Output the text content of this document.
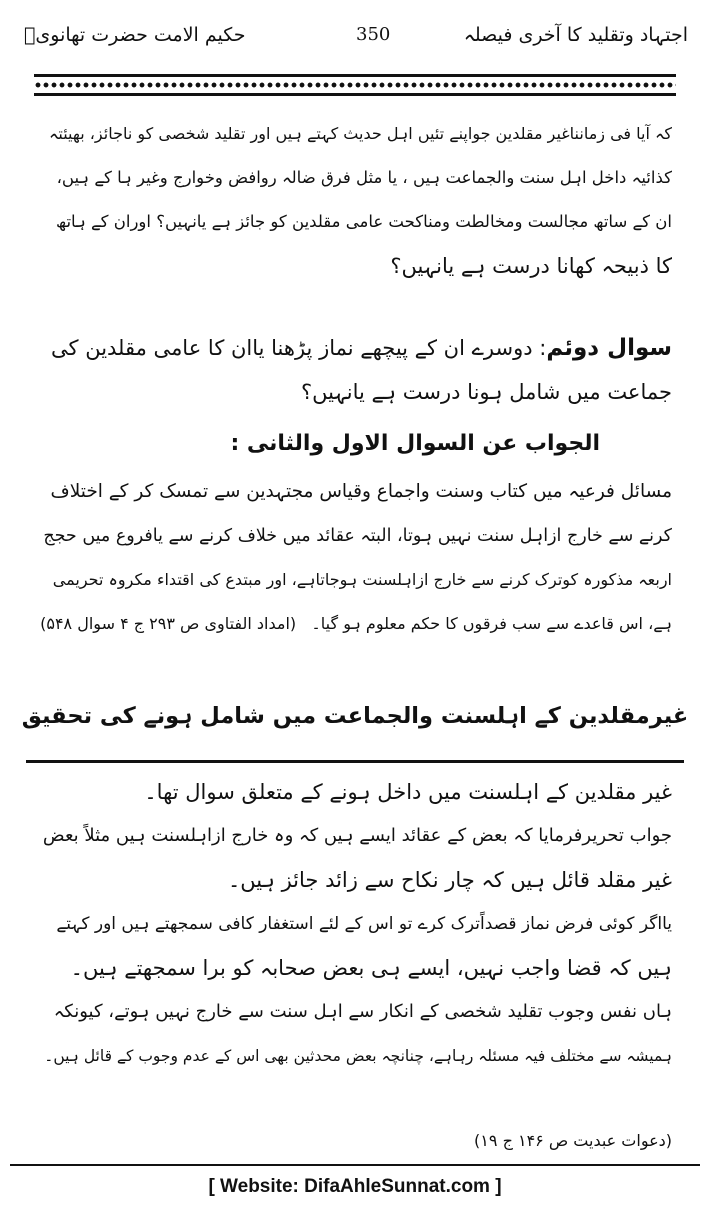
اجتہاد وتقلید کا آخری فیصلہ
350
حکیم الامت حضرت تھانویؒ
کہ آیا فی زمانناغیر مقلدین جواپنے تئیں اہل حدیث کہتے ہیں اور تقلید شخصی کو ناجائز، بھیئتہ
کذائیہ داخل اہل سنت والجماعت ہیں ، یا مثل فرق ضالہ روافض وخوارج وغیر ہا کے ہیں،
ان کے ساتھ مجالست ومخالطت ومناکحت عامی مقلدین کو جائز ہے یانہیں؟ اوران کے ہاتھ
کا ذبیحہ کھانا درست ہے یانہیں؟
سوال دوئم: دوسرے ان کے پیچھے نماز پڑھنا یاان کا عامی مقلدین کی
جماعت میں شامل ہونا درست ہے یانہیں؟
الجواب عن السوال الاول والثانی :
مسائل فرعیہ میں کتاب وسنت واجماع وقیاس مجتہدین سے تمسک کر کے اختلاف
کرنے سے خارج ازاہل سنت نہیں ہوتا، البتہ عقائد میں خلاف کرنے سے یافروع میں حجج
اربعہ مذکورہ کوترک کرنے سے خارج ازاہلسنت ہوجاتاہے، اور مبتدع کی اقتداء مکروہ تحریمی
ہے، اس قاعدے سے سب فرقوں کا حکم معلوم ہو گیا۔   (امداد الفتاوی ص ۲۹۳ ج ۴ سوال ۵۴۸)
غیرمقلدین کے اہلسنت والجماعت میں شامل ہونے کی تحقیق
غیر مقلدین کے اہلسنت میں داخل ہونے کے متعلق سوال تھا۔
جواب تحریرفرمایا کہ بعض کے عقائد ایسے ہیں کہ وہ خارج ازاہلسنت ہیں مثلاً بعض
غیر مقلد قائل ہیں کہ چار نکاح سے زائد جائز ہیں۔
یااگر کوئی فرض نماز قصداًترک کرے تو اس کے لئے استغفار کافی سمجھتے ہیں اور کہتے
ہیں کہ قضا واجب نہیں، ایسے ہی بعض صحابہ کو برا سمجھتے ہیں۔
ہاں نفس وجوب تقلید شخصی کے انکار سے اہل سنت سے خارج نہیں ہوتے، کیونکہ
ہمیشہ سے مختلف فیہ مسئلہ رہاہے، چنانچہ بعض محدثین بھی اس کے عدم وجوب کے قائل ہیں۔
(دعوات عبدیت ص ۱۴۶ ج ۱۹)
[ Website: DifaAhleSunnat.com ]
